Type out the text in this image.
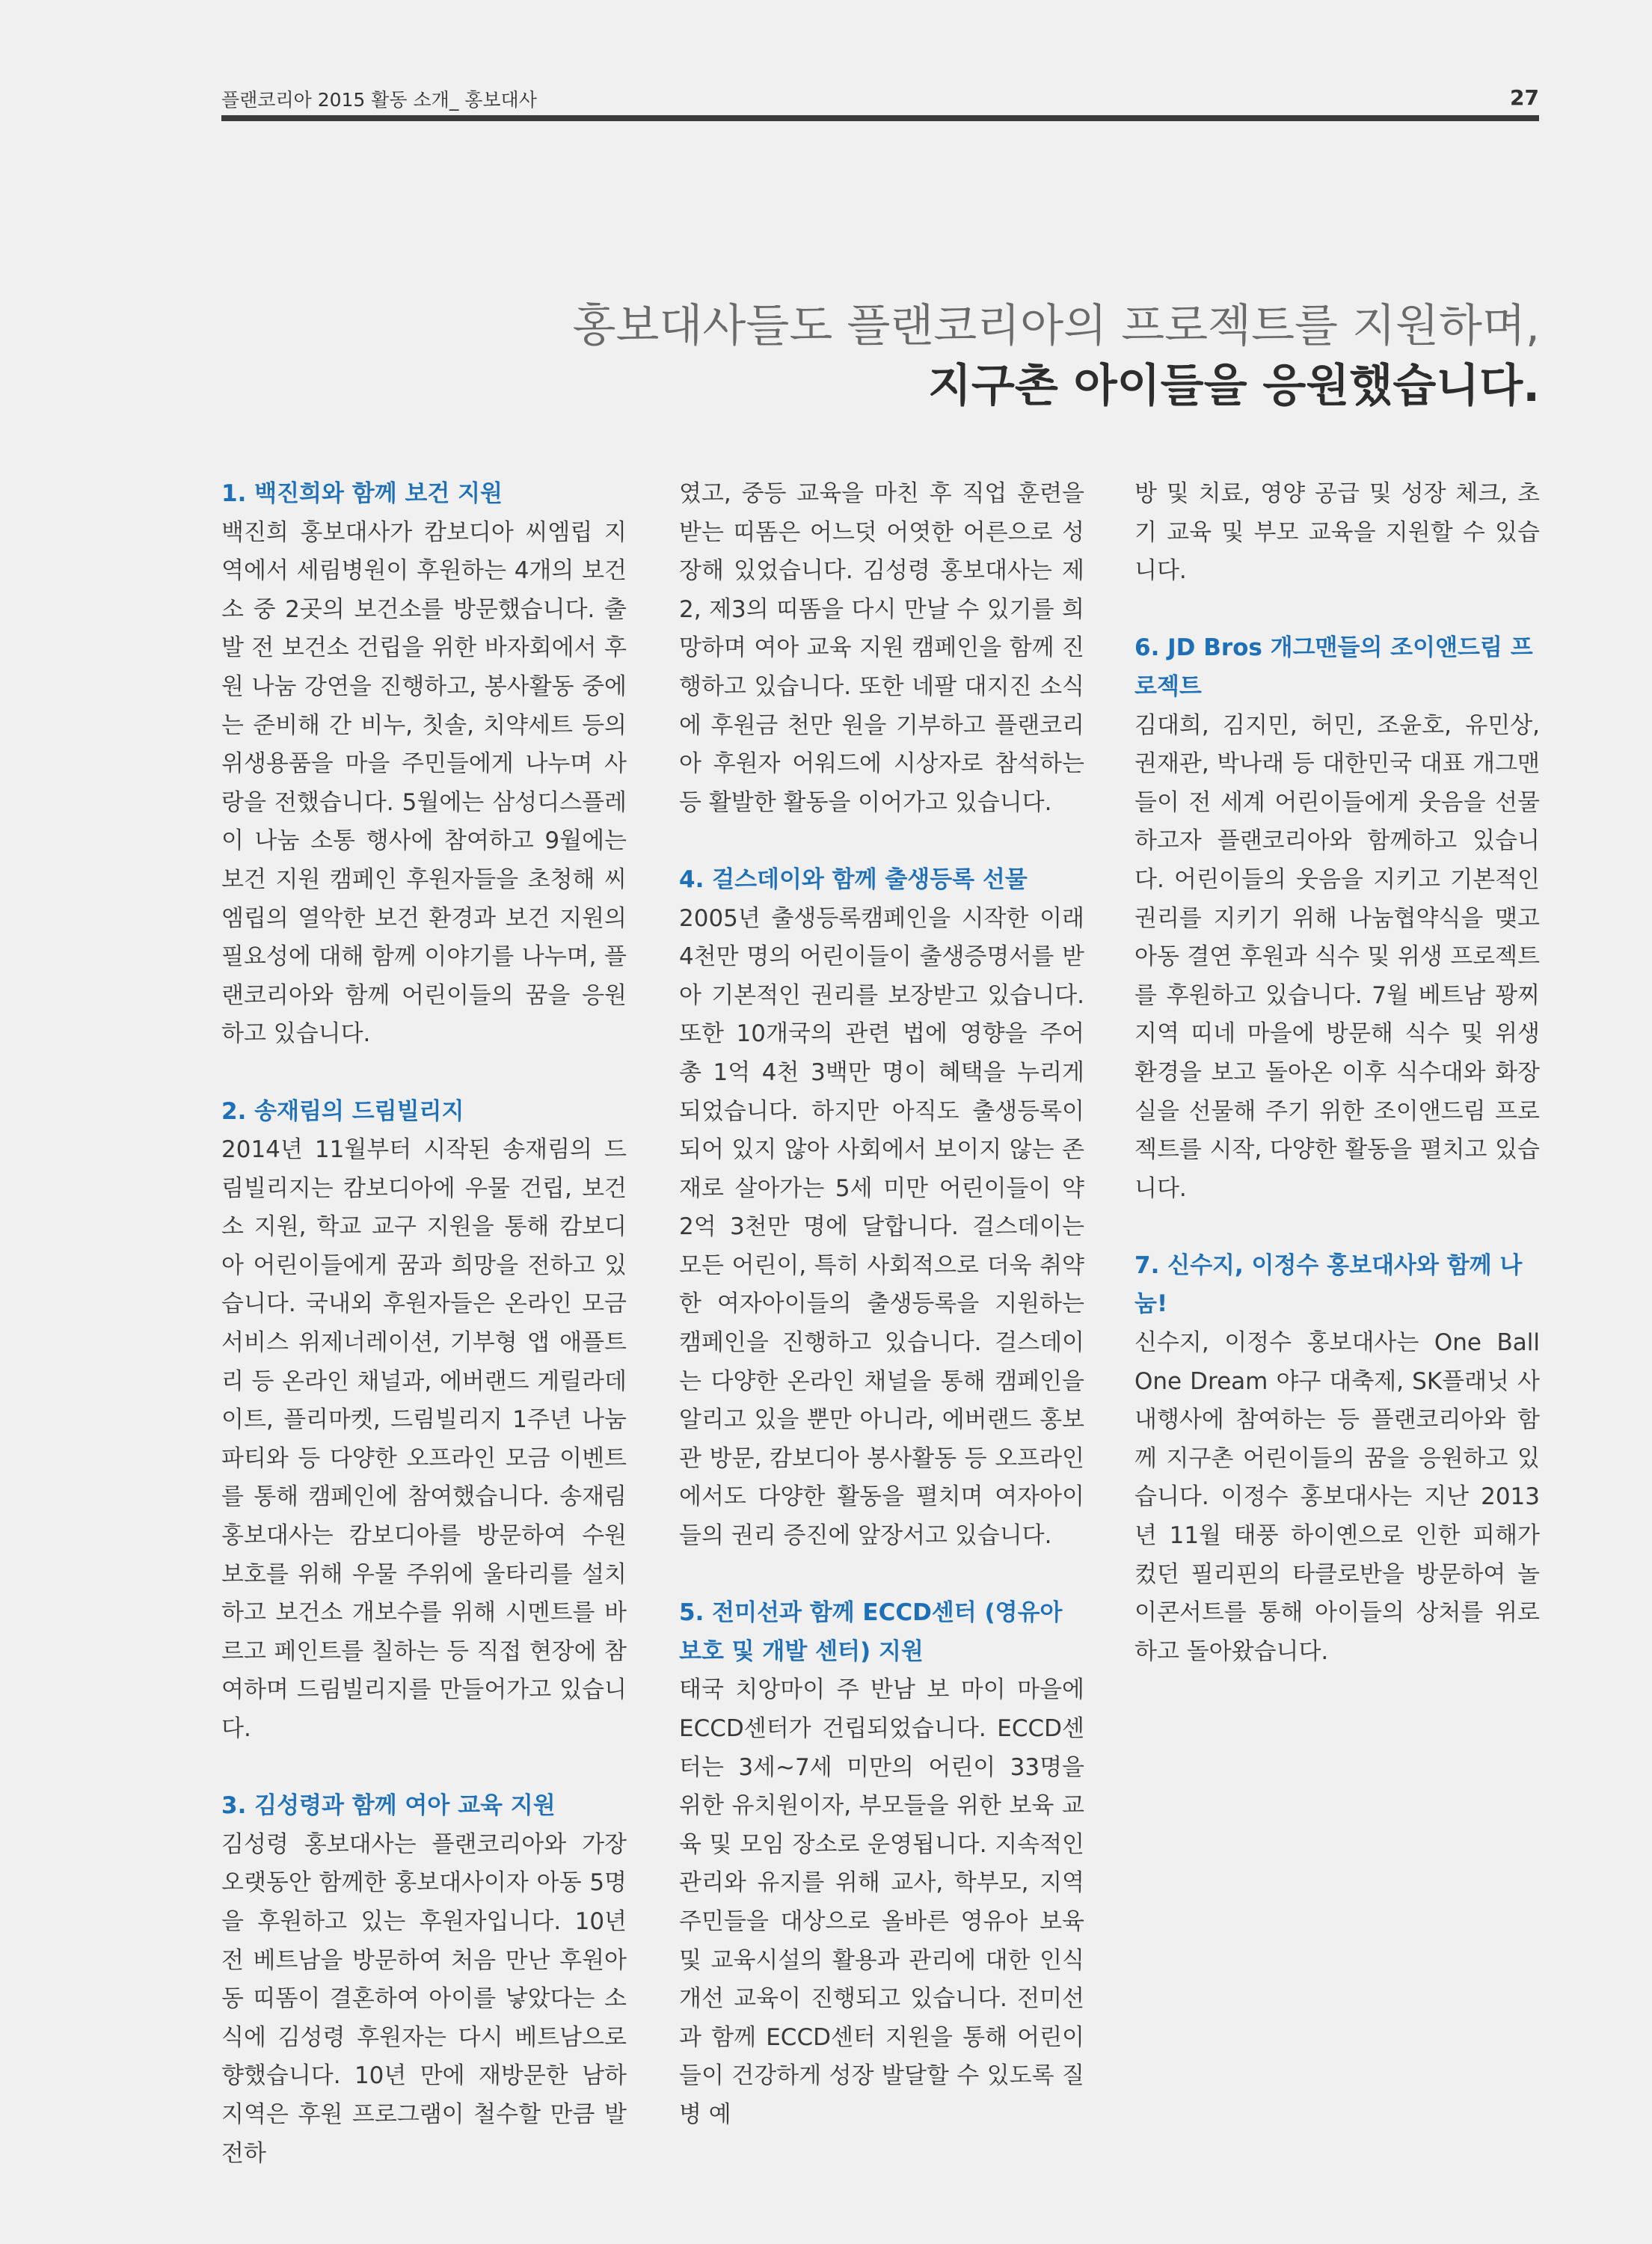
플랜코리아 2015 활동 소개_ 홍보대사	27
홍보대사들도 플랜코리아의 프로젝트를 지원하며,
지구촌 아이들을 응원했습니다.
1. 백진희와 함께 보건 지원

백진희 홍보대사가 캄보디아 씨엠립 지역에서 세림병원이 후원하는 4개의 보건소 중 2곳의 보건소를 방문했습니다. 출발 전 보건소 건립을 위한 바자회에서 후원 나눔 강연을 진행하고, 봉사활동 중에는 준비해 간 비누, 칫솔, 치약세트 등의 위생용품을 마을 주민들에게 나누며 사랑을 전했습니다. 5월에는 삼성디스플레이 나눔 소통 행사에 참여하고 9월에는 보건 지원 캠페인 후원자들을 초청해 씨엠립의 열악한 보건 환경과 보건 지원의 필요성에 대해 함께 이야기를 나누며, 플랜코리아와 함께 어린이들의 꿈을 응원하고 있습니다.

2. 송재림의 드림빌리지

2014년 11월부터 시작된 송재림의 드림빌리지는 캄보디아에 우물 건립, 보건소 지원, 학교 교구 지원을 통해 캄보디아 어린이들에게 꿈과 희망을 전하고 있습니다. 국내외 후원자들은 온라인 모금 서비스 위제너레이션, 기부형 앱 애플트리 등 온라인 채널과, 에버랜드 게릴라데이트, 플리마켓, 드림빌리지 1주년 나눔파티와 등 다양한 오프라인 모금 이벤트를 통해 캠페인에 참여했습니다. 송재림 홍보대사는 캄보디아를 방문하여 수원 보호를 위해 우물 주위에 울타리를 설치하고 보건소 개보수를 위해 시멘트를 바르고 페인트를 칠하는 등 직접 현장에 참여하며 드림빌리지를 만들어가고 있습니다.

3. 김성령과 함께 여아 교육 지원

김성령 홍보대사는 플랜코리아와 가장 오랫동안 함께한 홍보대사이자 아동 5명을 후원하고 있는 후원자입니다. 10년 전 베트남을 방문하여 처음 만난 후원아동 띠똠이 결혼하여 아이를 낳았다는 소식에 김성령 후원자는 다시 베트남으로 향했습니다. 10년 만에 재방문한 남하 지역은 후원 프로그램이 철수할 만큼 발전하

였고, 중등 교육을 마친 후 직업 훈련을 받는 띠똠은 어느덧 어엿한 어른으로 성장해 있었습니다. 김성령 홍보대사는 제2, 제3의 띠똠을 다시 만날 수 있기를 희망하며 여아 교육 지원 캠페인을 함께 진행하고 있습니다. 또한 네팔 대지진 소식에 후원금 천만 원을 기부하고 플랜코리아 후원자 어워드에 시상자로 참석하는 등 활발한 활동을 이어가고 있습니다.

4. 걸스데이와 함께 출생등록 선물

2005년 출생등록캠페인을 시작한 이래 4천만 명의 어린이들이 출생증명서를 받아 기본적인 권리를 보장받고 있습니다. 또한 10개국의 관련 법에 영향을 주어 총 1억 4천 3백만 명이 혜택을 누리게 되었습니다. 하지만 아직도 출생등록이 되어 있지 않아 사회에서 보이지 않는 존재로 살아가는 5세 미만 어린이들이 약 2억 3천만 명에 달합니다. 걸스데이는 모든 어린이, 특히 사회적으로 더욱 취약한 여자아이들의 출생등록을 지원하는 캠페인을 진행하고 있습니다. 걸스데이는 다양한 온라인 채널을 통해 캠페인을 알리고 있을 뿐만 아니라, 에버랜드 홍보관 방문, 캄보디아 봉사활동 등 오프라인에서도 다양한 활동을 펼치며 여자아이들의 권리 증진에 앞장서고 있습니다.

5. 전미선과 함께 ECCD센터 (영유아 보호 및 개발 센터) 지원

태국 치앙마이 주 반남 보 마이 마을에 ECCD센터가 건립되었습니다. ECCD센터는 3세~7세 미만의 어린이 33명을 위한 유치원이자, 부모들을 위한 보육 교육 및 모임 장소로 운영됩니다. 지속적인 관리와 유지를 위해 교사, 학부모, 지역 주민들을 대상으로 올바른 영유아 보육 및 교육시설의 활용과 관리에 대한 인식 개선 교육이 진행되고 있습니다. 전미선과 함께 ECCD센터 지원을 통해 어린이들이 건강하게 성장 발달할 수 있도록 질병 예

방 및 치료, 영양 공급 및 성장 체크, 초기 교육 및 부모 교육을 지원할 수 있습니다.

6. JD Bros 개그맨들의 조이앤드림 프로젝트

김대희, 김지민, 허민, 조윤호, 유민상, 권재관, 박나래 등 대한민국 대표 개그맨들이 전 세계 어린이들에게 웃음을 선물하고자 플랜코리아와 함께하고 있습니다. 어린이들의 웃음을 지키고 기본적인 권리를 지키기 위해 나눔협약식을 맺고 아동 결연 후원과 식수 및 위생 프로젝트를 후원하고 있습니다. 7월 베트남 꽝찌 지역 띠네 마을에 방문해 식수 및 위생 환경을 보고 돌아온 이후 식수대와 화장실을 선물해 주기 위한 조이앤드림 프로젝트를 시작, 다양한 활동을 펼치고 있습니다.

7. 신수지, 이정수 홍보대사와 함께 나눔!

신수지, 이정수 홍보대사는 One Ball One Dream 야구 대축제, SK플래닛 사내행사에 참여하는 등 플랜코리아와 함께 지구촌 어린이들의 꿈을 응원하고 있습니다. 이정수 홍보대사는 지난 2013년 11월 태풍 하이옌으로 인한 피해가 컸던 필리핀의 타클로반을 방문하여 놀이콘서트를 통해 아이들의 상처를 위로하고 돌아왔습니다.
